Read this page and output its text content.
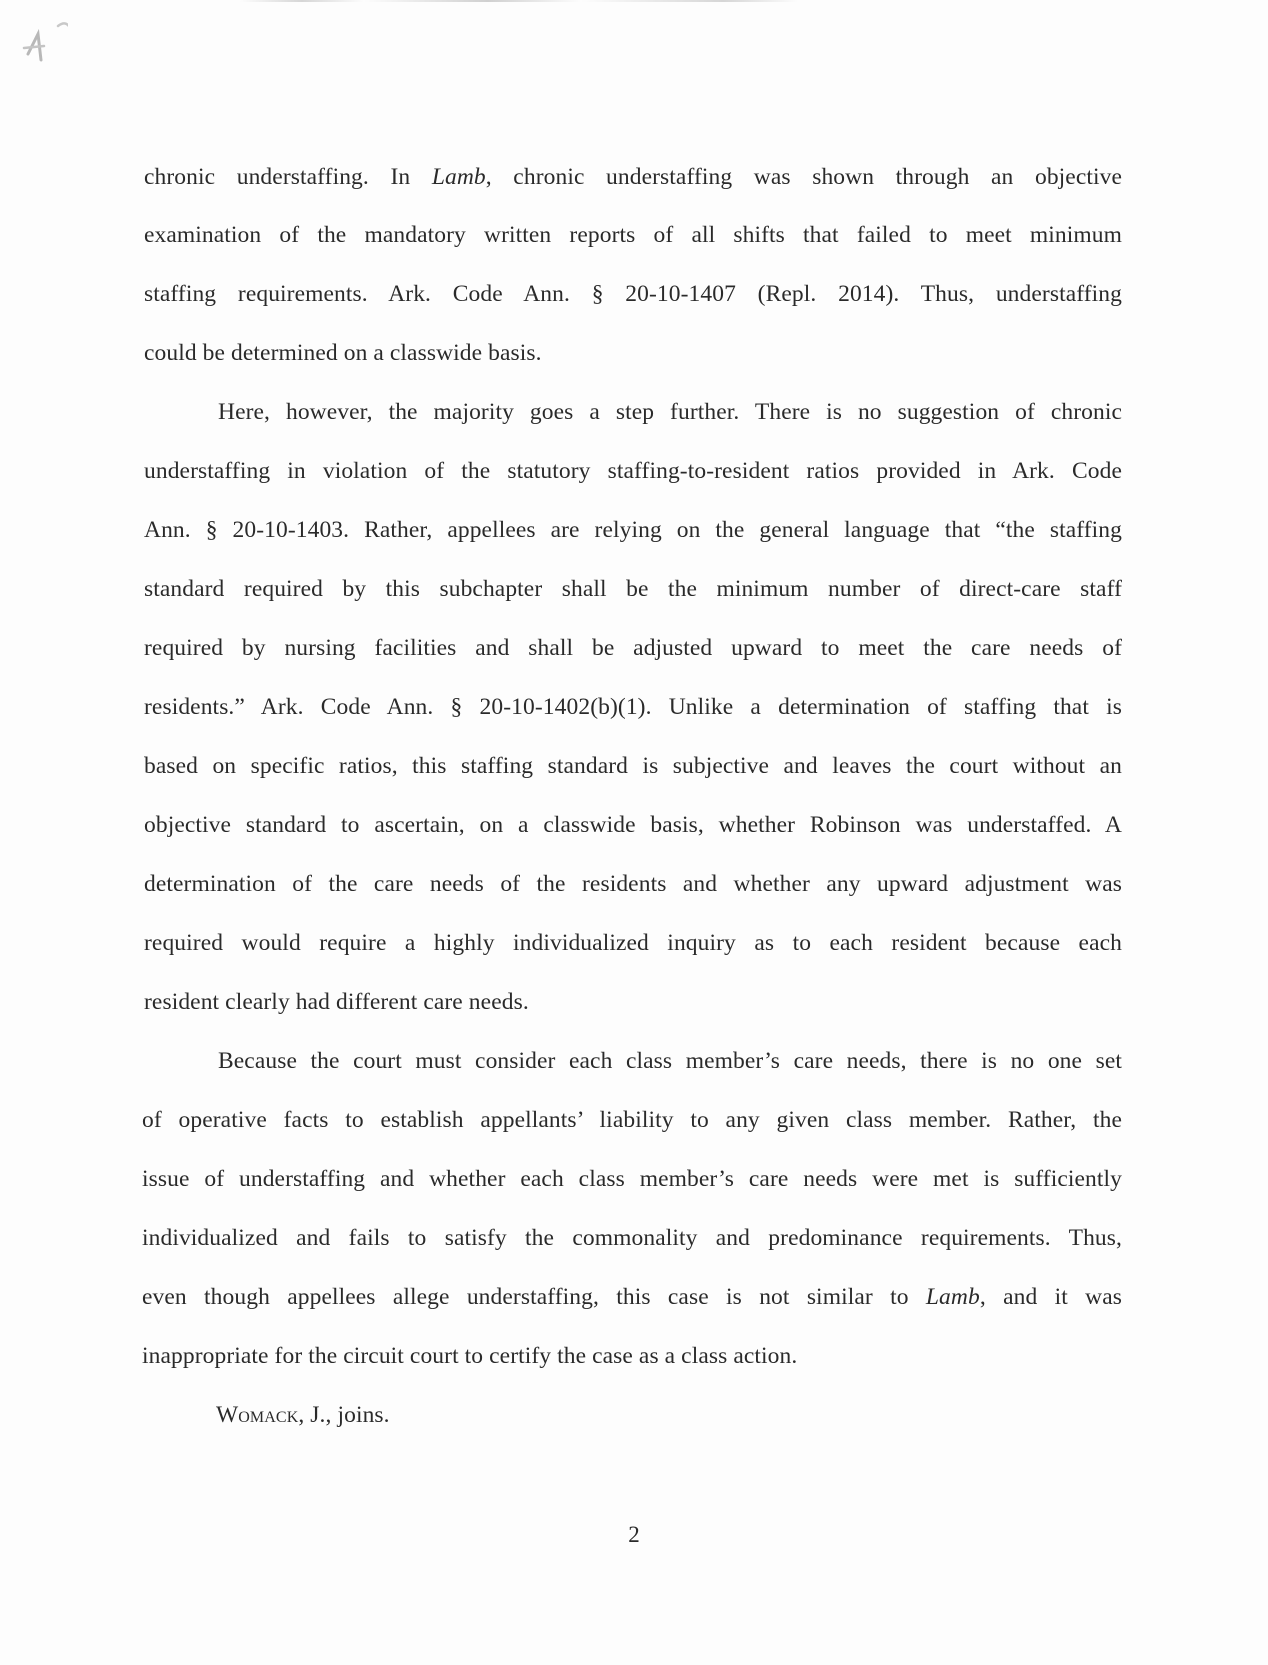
chronic understaffing. In Lamb, chronic understaffing was shown through an objective
examination of the mandatory written reports of all shifts that failed to meet minimum
staffing requirements. Ark. Code Ann. § 20-10-1407 (Repl. 2014). Thus, understaffing
could be determined on a classwide basis.
Here, however, the majority goes a step further. There is no suggestion of chronic
understaffing in violation of the statutory staffing-to-resident ratios provided in Ark. Code
Ann. § 20-10-1403. Rather, appellees are relying on the general language that “the staffing
standard required by this subchapter shall be the minimum number of direct-care staff
required by nursing facilities and shall be adjusted upward to meet the care needs of
residents.” Ark. Code Ann. § 20-10-1402(b)(1). Unlike a determination of staffing that is
based on specific ratios, this staffing standard is subjective and leaves the court without an
objective standard to ascertain, on a classwide basis, whether Robinson was understaffed. A
determination of the care needs of the residents and whether any upward adjustment was
required would require a highly individualized inquiry as to each resident because each
resident clearly had different care needs.
Because the court must consider each class member’s care needs, there is no one set
of operative facts to establish appellants’ liability to any given class member. Rather, the
issue of understaffing and whether each class member’s care needs were met is sufficiently
individualized and fails to satisfy the commonality and predominance requirements. Thus,
even though appellees allege understaffing, this case is not similar to Lamb, and it was
inappropriate for the circuit court to certify the case as a class action.
Womack, J., joins.
2
